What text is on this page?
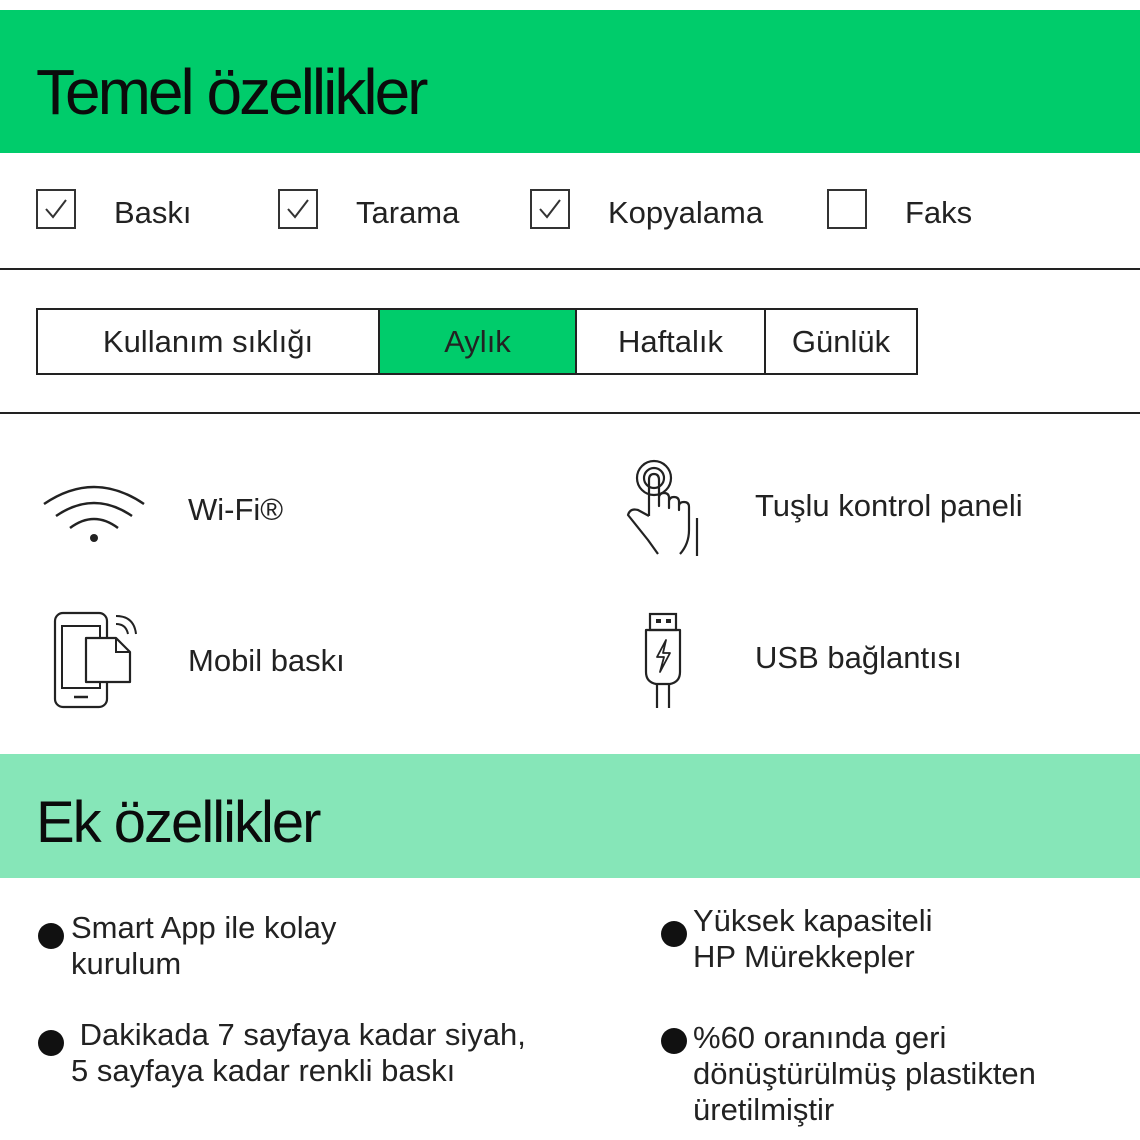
Temel özellikler
Baskı	Tarama	Kopyalama	Faks
Kullanım sıklığı	Aylık	Haftalık	Günlük
Wi-Fi®	Tuşlu kontrol paneli
Mobil baskı	USB bağlantısı
Ek özellikler
Smart App ile kolay
kurulum
Yüksek kapasiteli
HP Mürekkepler
Dakikada 7 sayfaya kadar siyah,
5 sayfaya kadar renkli baskı
%60 oranında geri
dönüştürülmüş plastikten
üretilmiştir
